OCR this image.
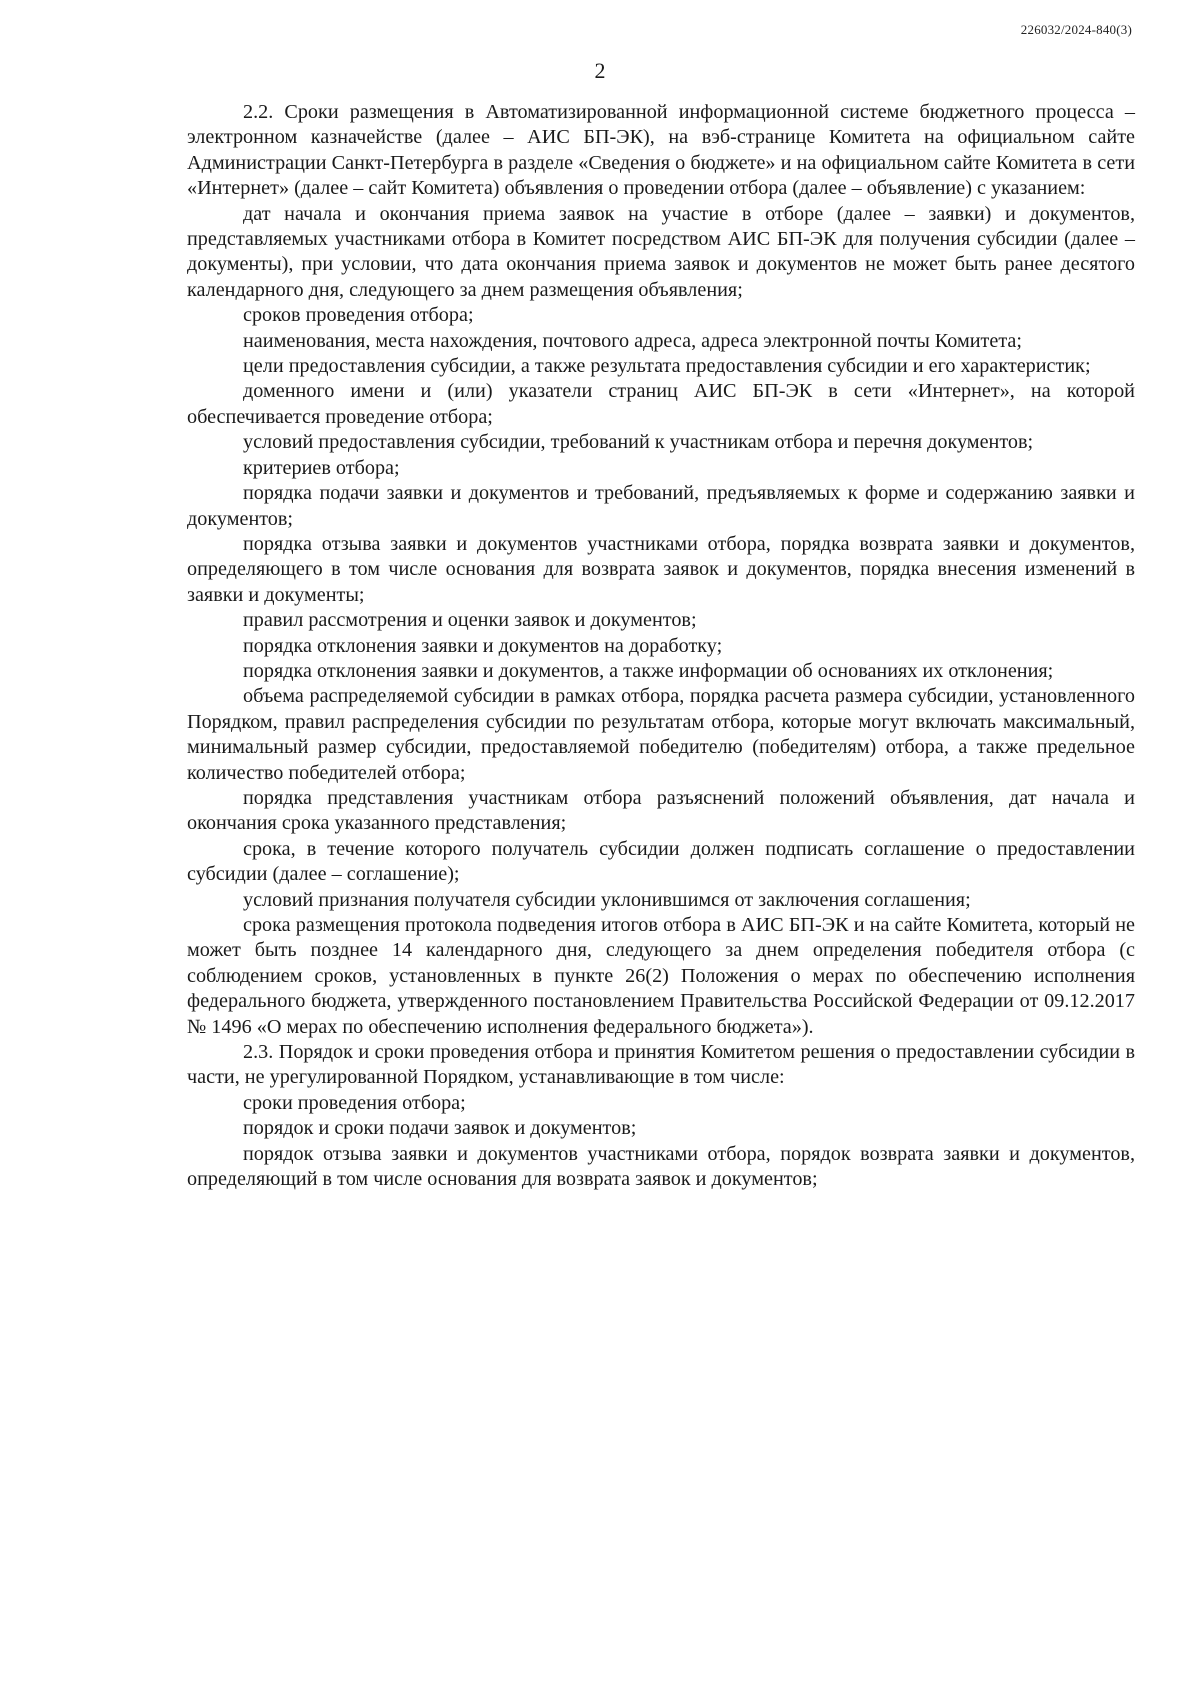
226032/2024-840(3)
2

2.2. Сроки размещения в Автоматизированной информационной системе бюджетного процесса – электронном казначействе (далее – АИС БП-ЭК), на вэб-странице Комитета на официальном сайте Администрации Санкт-Петербурга в разделе «Сведения о бюджете» и на официальном сайте Комитета в сети «Интернет» (далее – сайт Комитета) объявления о проведении отбора (далее – объявление) с указанием:

дат начала и окончания приема заявок на участие в отборе (далее – заявки) и документов, представляемых участниками отбора в Комитет посредством АИС БП-ЭК для получения субсидии (далее – документы), при условии, что дата окончания приема заявок и документов не может быть ранее десятого календарного дня, следующего за днем размещения объявления;

сроков проведения отбора;

наименования, места нахождения, почтового адреса, адреса электронной почты Комитета;

цели предоставления субсидии, а также результата предоставления субсидии и его характеристик;

доменного имени и (или) указатели страниц АИС БП-ЭК в сети «Интернет», на которой обеспечивается проведение отбора;

условий предоставления субсидии, требований к участникам отбора и перечня документов;

критериев отбора;

порядка подачи заявки и документов и требований, предъявляемых к форме и содержанию заявки и документов;

порядка отзыва заявки и документов участниками отбора, порядка возврата заявки и документов, определяющего в том числе основания для возврата заявок и документов, порядка внесения изменений в заявки и документы;

правил рассмотрения и оценки заявок и документов;

порядка отклонения заявки и документов на доработку;

порядка отклонения заявки и документов, а также информации об основаниях их отклонения;

объема распределяемой субсидии в рамках отбора, порядка расчета размера субсидии, установленного Порядком, правил распределения субсидии по результатам отбора, которые могут включать максимальный, минимальный размер субсидии, предоставляемой победителю (победителям) отбора, а также предельное количество победителей отбора;

порядка представления участникам отбора разъяснений положений объявления, дат начала и окончания срока указанного представления;

срока, в течение которого получатель субсидии должен подписать соглашение о предоставлении субсидии (далее – соглашение);

условий признания получателя субсидии уклонившимся от заключения соглашения;

срока размещения протокола подведения итогов отбора в АИС БП-ЭК и на сайте Комитета, который не может быть позднее 14 календарного дня, следующего за днем определения победителя отбора (с соблюдением сроков, установленных в пункте 26(2) Положения о мерах по обеспечению исполнения федерального бюджета, утвержденного постановлением Правительства Российской Федерации от 09.12.2017 № 1496 «О мерах по обеспечению исполнения федерального бюджета»).

2.3. Порядок и сроки проведения отбора и принятия Комитетом решения о предоставлении субсидии в части, не урегулированной Порядком, устанавливающие в том числе:

сроки проведения отбора;

порядок и сроки подачи заявок и документов;

порядок отзыва заявки и документов участниками отбора, порядок возврата заявки и документов, определяющий в том числе основания для возврата заявок и документов;
